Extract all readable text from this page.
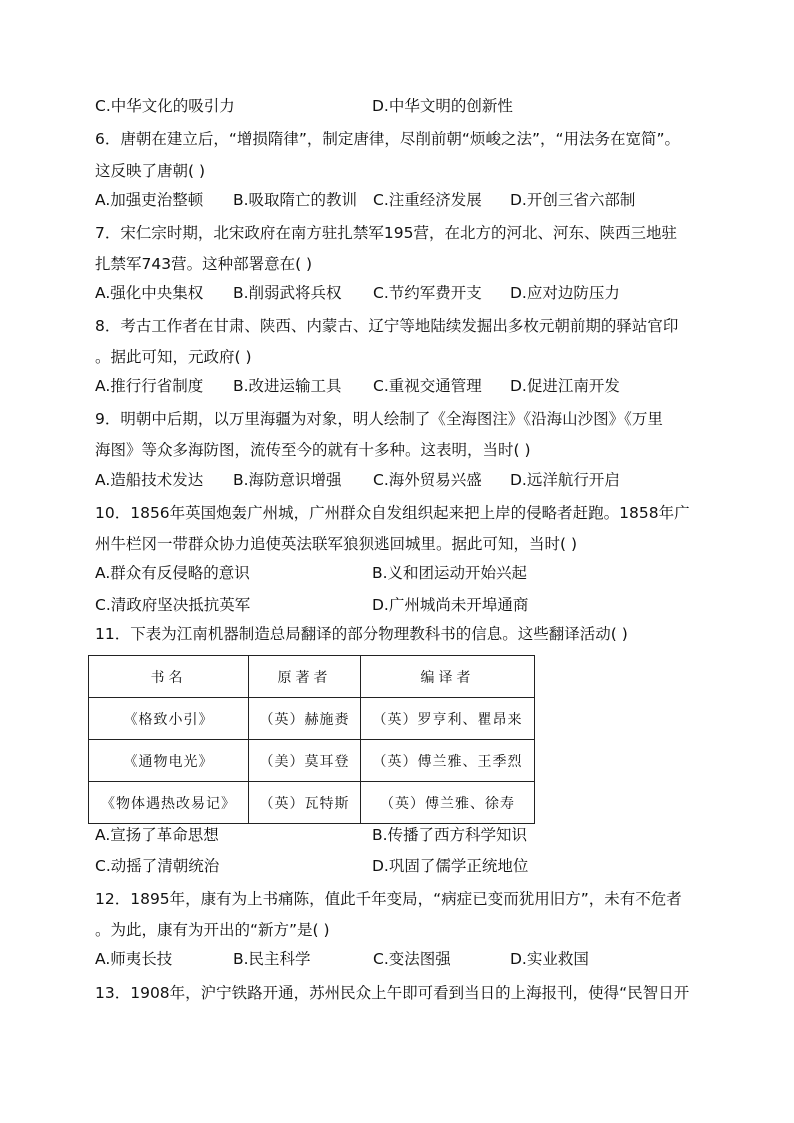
C.中华文化的吸引力	D.中华文明的创新性
6．唐朝在建立后，“增损隋律”，制定唐律，尽削前朝“烦峻之法”，“用法务在宽简”。
这反映了唐朝( )
A.加强吏治整顿 B.吸取隋亡的教训 C.注重经济发展 D.开创三省六部制
7．宋仁宗时期，北宋政府在南方驻扎禁军195营，在北方的河北、河东、陕西三地驻
扎禁军743营。这种部署意在( )
A.强化中央集权 B.削弱武将兵权 C.节约军费开支 D.应对边防压力
8．考古工作者在甘肃、陕西、内蒙古、辽宁等地陆续发掘出多枚元朝前期的驿站官印
。据此可知，元政府( )
A.推行行省制度 B.改进运输工具 C.重视交通管理 D.促进江南开发
9．明朝中后期，以万里海疆为对象，明人绘制了《全海图注》《沿海山沙图》《万里
海图》等众多海防图，流传至今的就有十多种。这表明，当时( )
A.造船技术发达 B.海防意识增强 C.海外贸易兴盛 D.远洋航行开启
10．1856年英国炮轰广州城，广州群众自发组织起来把上岸的侵略者赶跑。1858年广
州牛栏冈一带群众协力追使英法联军狼狈逃回城里。据此可知，当时( )
A.群众有反侵略的意识	B.义和团运动开始兴起
C.清政府坚决抵抗英军	D.广州城尚未开埠通商
11．下表为江南机器制造总局翻译的部分物理教科书的信息。这些翻译活动( )
A.宣扬了革命思想	B.传播了西方科学知识
C.动摇了清朝统治	D.巩固了儒学正统地位
12．1895年，康有为上书痛陈，值此千年变局，“病症已变而犹用旧方”，未有不危者
。为此，康有为开出的“新方”是( )
A.师夷长技	B.民主科学	C.变法图强	D.实业救国
13．1908年，沪宁铁路开通，苏州民众上午即可看到当日的上海报刊，使得“民智日开
书名	原著者	编译者
《格致小引》	（英）赫施赉	（英）罗亨利、瞿昂来
《通物电光》	（美）莫耳登	（英）傅兰雅、王季烈
《物体遇热改易记》	（英）瓦特斯	（英）傅兰雅、徐寿
